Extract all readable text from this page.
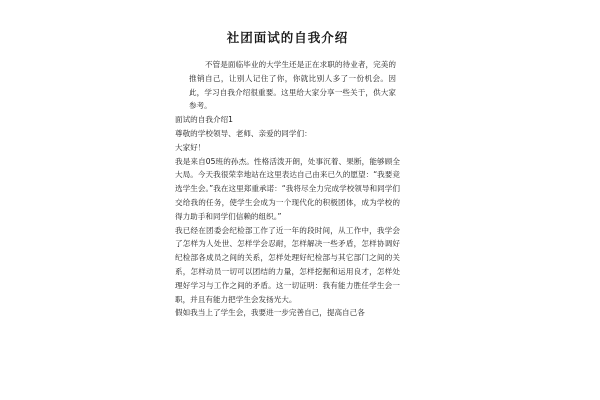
社团面试的自我介绍

不管是面临毕业的大学生还是正在求职的待业者，完美的推销自己，让别人记住了你，你就比别人多了一份机会。因此，学习自我介绍很重要。这里给大家分享一些关于，供大家参考。

面试的自我介绍1

尊敬的学校领导、老师、亲爱的同学们：

大家好！

我是来自05班的孙杰。性格活泼开朗，处事沉着、果断，能够顾全大局。今天我很荣幸地站在这里表达自己由来已久的愿望：“我要竞选学生会。”我在这里郑重承诺：“我将尽全力完成学校领导和同学们交给我的任务，使学生会成为一个现代化的积极团体，成为学校的得力助手和同学们信赖的组织。”

我已经在团委会纪检部工作了近一年的段时间，从工作中，我学会了怎样为人处世、怎样学会忍耐，怎样解决一些矛盾，怎样协调好纪检部各成员之间的关系，怎样处理好纪检部与其它部门之间的关系，怎样动员一切可以团结的力量，怎样挖掘和运用良才，怎样处理好学习与工作之间的矛盾。这一切证明：我有能力胜任学生会一职，并且有能力把学生会发扬光大。

假如我当上了学生会，我要进一步完善自己，提高自己各
